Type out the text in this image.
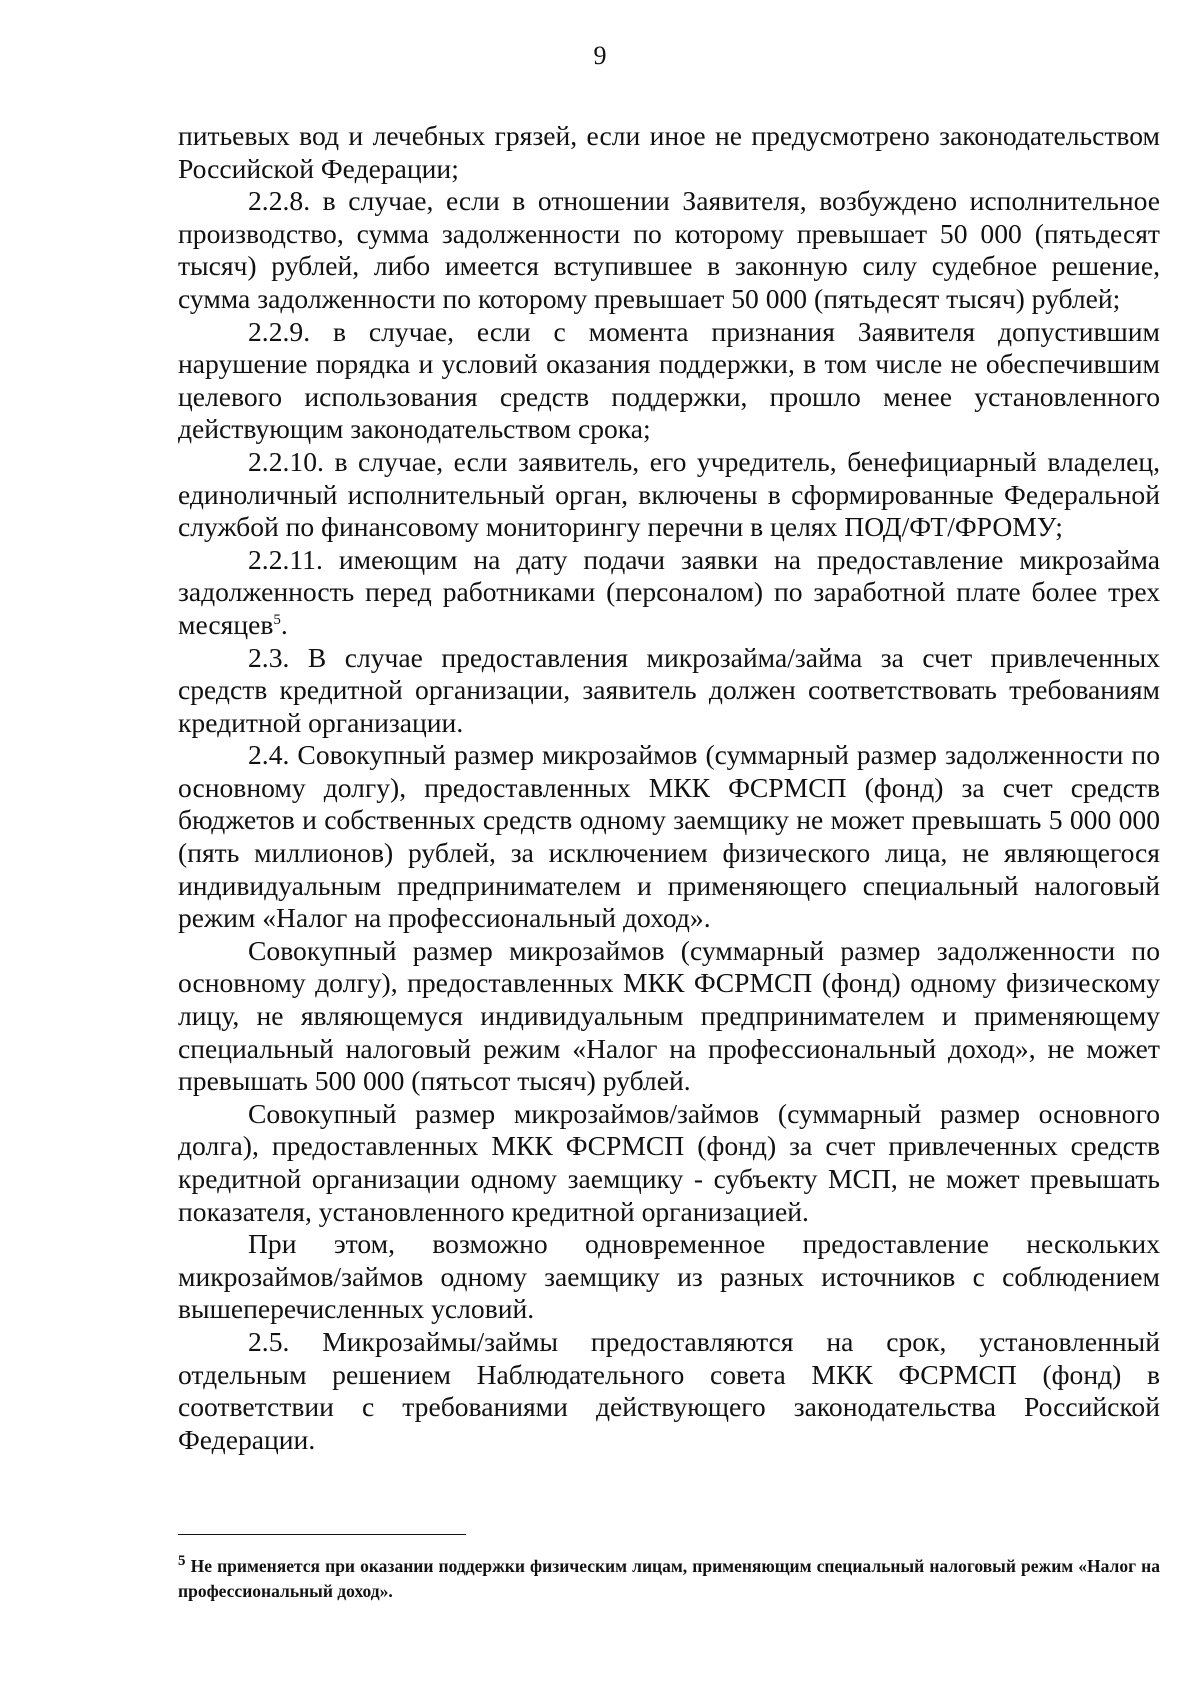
9

питьевых вод и лечебных грязей, если иное не предусмотрено законодательством Российской Федерации;

2.2.8. в случае, если в отношении Заявителя, возбуждено исполнительное производство, сумма задолженности по которому превышает 50 000 (пятьдесят тысяч) рублей, либо имеется вступившее в законную силу судебное решение, сумма задолженности по которому превышает 50 000 (пятьдесят тысяч) рублей;

2.2.9. в случае, если с момента признания Заявителя допустившим нарушение порядка и условий оказания поддержки, в том числе не обеспечившим целевого использования средств поддержки, прошло менее установленного действующим законодательством срока;

2.2.10. в случае, если заявитель, его учредитель, бенефициарный владелец, единоличный исполнительный орган, включены в сформированные Федеральной службой по финансовому мониторингу перечни в целях ПОД/ФТ/ФРОМУ;

2.2.11. имеющим на дату подачи заявки на предоставление микрозайма задолженность перед работниками (персоналом) по заработной плате более трех месяцев$^5$.

2.3. В случае предоставления микрозайма/займа за счет привлеченных средств кредитной организации, заявитель должен соответствовать требованиям кредитной организации.

2.4. Совокупный размер микрозаймов (суммарный размер задолженности по основному долгу), предоставленных МКК ФСРМСП (фонд) за счет средств бюджетов и собственных средств одному заемщику не может превышать 5 000 000 (пять миллионов) рублей, за исключением физического лица, не являющегося индивидуальным предпринимателем и применяющего специальный налоговый режим «Налог на профессиональный доход».

Совокупный размер микрозаймов (суммарный размер задолженности по основному долгу), предоставленных МКК ФСРМСП (фонд) одному физическому лицу, не являющемуся индивидуальным предпринимателем и применяющему специальный налоговый режим «Налог на профессиональный доход», не может превышать 500 000 (пятьсот тысяч) рублей.

Совокупный размер микрозаймов/займов (суммарный размер основного долга), предоставленных МКК ФСРМСП (фонд) за счет привлеченных средств кредитной организации одному заемщику - субъекту МСП, не может превышать показателя, установленного кредитной организацией.

При этом, возможно одновременное предоставление нескольких микрозаймов/займов одному заемщику из разных источников с соблюдением вышеперечисленных условий.

2.5. Микрозаймы/займы предоставляются на срок, установленный отдельным решением Наблюдательного совета МКК ФСРМСП (фонд) в соответствии с требованиями действующего законодательства Российской Федерации.

$^5$ Не применяется при оказании поддержки физическим лицам, применяющим специальный налоговый режим «Налог на профессиональный доход».
